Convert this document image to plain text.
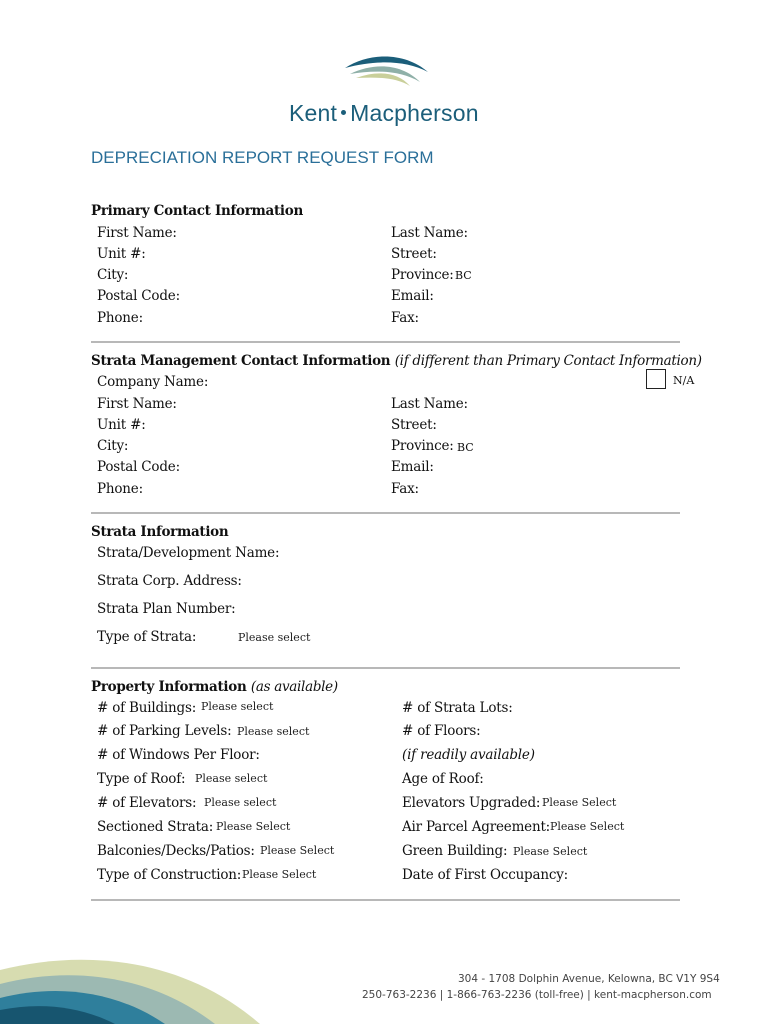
Kent Macpherson
DEPRECIATION REPORT REQUEST FORM
Primary Contact Information
First Name:	Last Name:
Unit #:	Street:
City:	Province: BC
Postal Code:	Email:
Phone:	Fax:
Strata Management Contact Information (if different than Primary Contact Information)
N/A
Company Name:
First Name:	Last Name:
Unit #:	Street:
City:	Province: BC
Postal Code:	Email:
Phone:	Fax:
Strata Information
Strata/Development Name:
Strata Corp. Address:
Strata Plan Number:
Type of Strata:	Please select
Property Information (as available)
# of Buildings: Please select	# of Strata Lots:
# of Parking Levels: Please select	# of Floors:
# of Windows Per Floor:	(if readily available)
Type of Roof: Please select	Age of Roof:
# of Elevators: Please select	Elevators Upgraded: Please Select
Sectioned Strata: Please Select	Air Parcel Agreement: Please Select
Balconies/Decks/Patios: Please Select	Green Building: Please Select
Type of Construction: Please Select	Date of First Occupancy:
304 - 1708 Dolphin Avenue, Kelowna, BC V1Y 9S4
250-763-2236 | 1-866-763-2236 (toll-free) | kent-macpherson.com
